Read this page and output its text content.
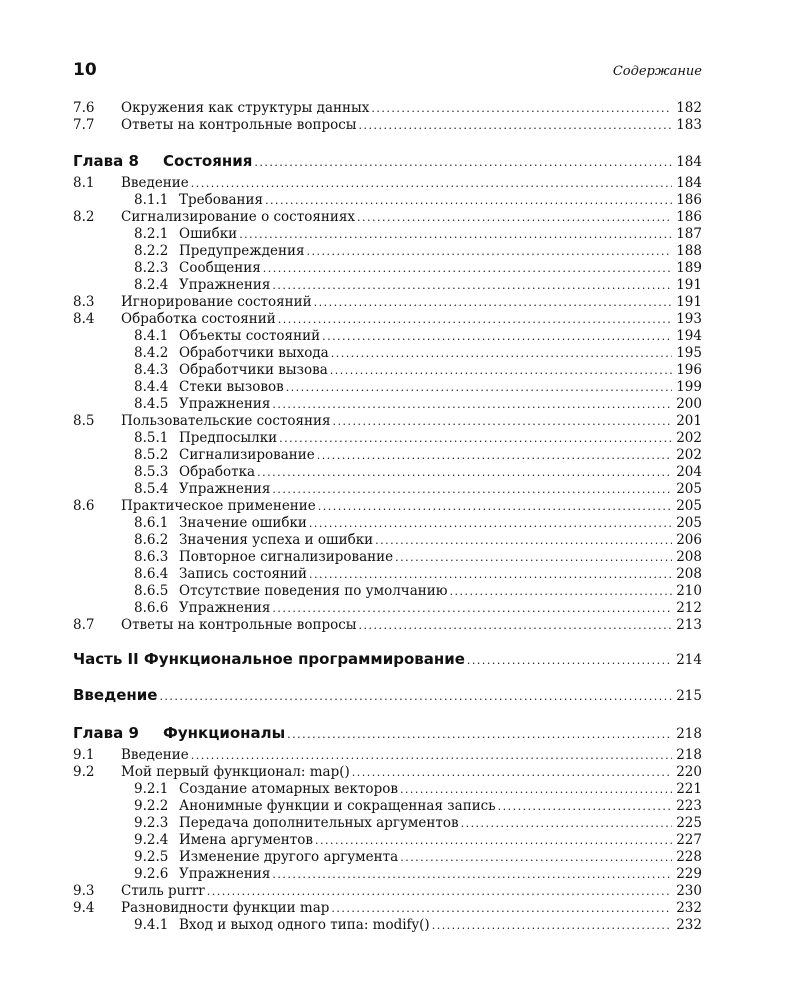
10	Содержание
7.6 Окружения как структуры данных . . .	182
7.7 Ответы на контрольные вопросы . . .	183
Глава 8 Состояния . . .	184
8.1 Введение . . .	184
8.1.1 Требования . . .	186
8.2 Сигнализирование о состояниях . . .	186
8.2.1 Ошибки . . .	187
8.2.2 Предупреждения . . .	188
8.2.3 Сообщения . . .	189
8.2.4 Упражнения . . .	191
8.3 Игнорирование состояний . . .	191
8.4 Обработка состояний . . .	193
8.4.1 Объекты состояний . . .	194
8.4.2 Обработчики выхода . . .	195
8.4.3 Обработчики вызова . . .	196
8.4.4 Стеки вызовов . . .	199
8.4.5 Упражнения . . .	200
8.5 Пользовательские состояния . . .	201
8.5.1 Предпосылки . . .	202
8.5.2 Сигнализирование . . .	202
8.5.3 Обработка . . .	204
8.5.4 Упражнения . . .	205
8.6 Практическое применение . . .	205
8.6.1 Значение ошибки . . .	205
8.6.2 Значения успеха и ошибки . . .	206
8.6.3 Повторное сигнализирование . . .	208
8.6.4 Запись состояний . . .	208
8.6.5 Отсутствие поведения по умолчанию . . .	210
8.6.6 Упражнения . . .	212
8.7 Ответы на контрольные вопросы . . .	213
Часть II Функциональное программирование . . .	214
Введение . . .	215
Глава 9 Функционалы . . .	218
9.1 Введение . . .	218
9.2 Мой первый функционал: map() . . .	220
9.2.1 Создание атомарных векторов . . .	221
9.2.2 Анонимные функции и сокращенная запись . . .	223
9.2.3 Передача дополнительных аргументов . . .	225
9.2.4 Имена аргументов . . .	227
9.2.5 Изменение другого аргумента . . .	228
9.2.6 Упражнения . . .	229
9.3 Стиль purrr . . .	230
9.4 Разновидности функции map . . .	232
9.4.1 Вход и выход одного типа: modify() . . .	232
